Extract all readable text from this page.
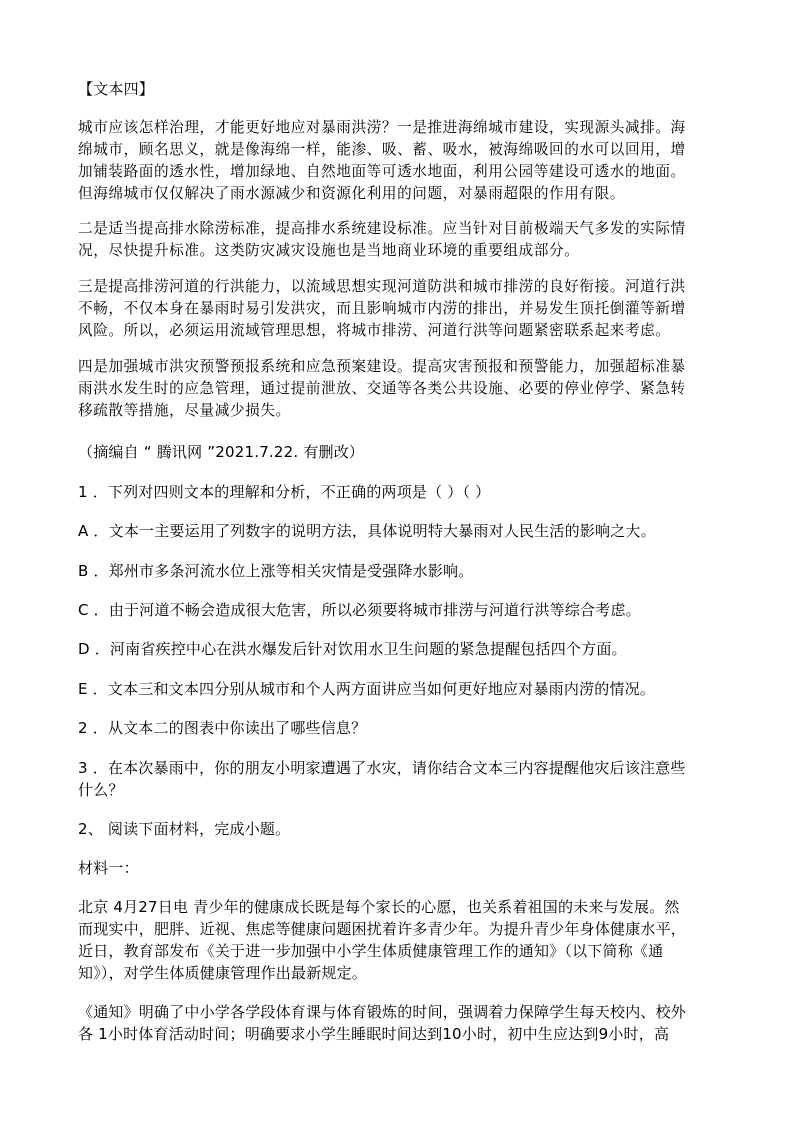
【文本四】
城市应该怎样治理，才能更好地应对暴雨洪涝？一是推进海绵城市建设，实现源头减排。海
绵城市，顾名思义，就是像海绵一样，能渗、吸、蓄、吸水，被海绵吸回的水可以回用，增
加铺装路面的透水性，增加绿地、自然地面等可透水地面，利用公园等建设可透水的地面。
但海绵城市仅仅解决了雨水源减少和资源化利用的问题，对暴雨超限的作用有限。
二是适当提高排水除涝标准，提高排水系统建设标准。应当针对目前极端天气多发的实际情
况，尽快提升标准。这类防灾减灾设施也是当地商业环境的重要组成部分。
三是提高排涝河道的行洪能力，以流域思想实现河道防洪和城市排涝的良好衔接。河道行洪
不畅，不仅本身在暴雨时易引发洪灾，而且影响城市内涝的排出，并易发生顶托倒灌等新增
风险。所以，必须运用流域管理思想，将城市排涝、河道行洪等问题紧密联系起来考虑。
四是加强城市洪灾预警预报系统和应急预案建设。提高灾害预报和预警能力，加强超标准暴
雨洪水发生时的应急管理，通过提前泄放、交通等各类公共设施、必要的停业停学、紧急转
移疏散等措施，尽量减少损失。
（摘编自 “ 腾讯网 ”2021.7.22. 有删改）
1 ．下列对四则文本的理解和分析，不正确的两项是（ ）（ ）
A ．文本一主要运用了列数字的说明方法，具体说明特大暴雨对人民生活的影响之大。
B ．郑州市多条河流水位上涨等相关灾情是受强降水影响。
C ．由于河道不畅会造成很大危害，所以必须要将城市排涝与河道行洪等综合考虑。
D ．河南省疾控中心在洪水爆发后针对饮用水卫生问题的紧急提醒包括四个方面。
E ．文本三和文本四分别从城市和个人两方面讲应当如何更好地应对暴雨内涝的情况。
2 ．从文本二的图表中你读出了哪些信息？
3 ．在本次暴雨中，你的朋友小明家遭遇了水灾，请你结合文本三内容提醒他灾后该注意些
什么？
2、 阅读下面材料，完成小题。
材料一：
北京 4月27日电 青少年的健康成长既是每个家长的心愿，也关系着祖国的未来与发展。然
而现实中，肥胖、近视、焦虑等健康问题困扰着许多青少年。为提升青少年身体健康水平，
近日，教育部发布《关于进一步加强中小学生体质健康管理工作的通知》（以下简称《通
知》），对学生体质健康管理作出最新规定。
《通知》明确了中小学各学段体育课与体育锻炼的时间，强调着力保障学生每天校内、校外
各 1小时体育活动时间；明确要求小学生睡眠时间达到10小时，初中生应达到9小时，高
